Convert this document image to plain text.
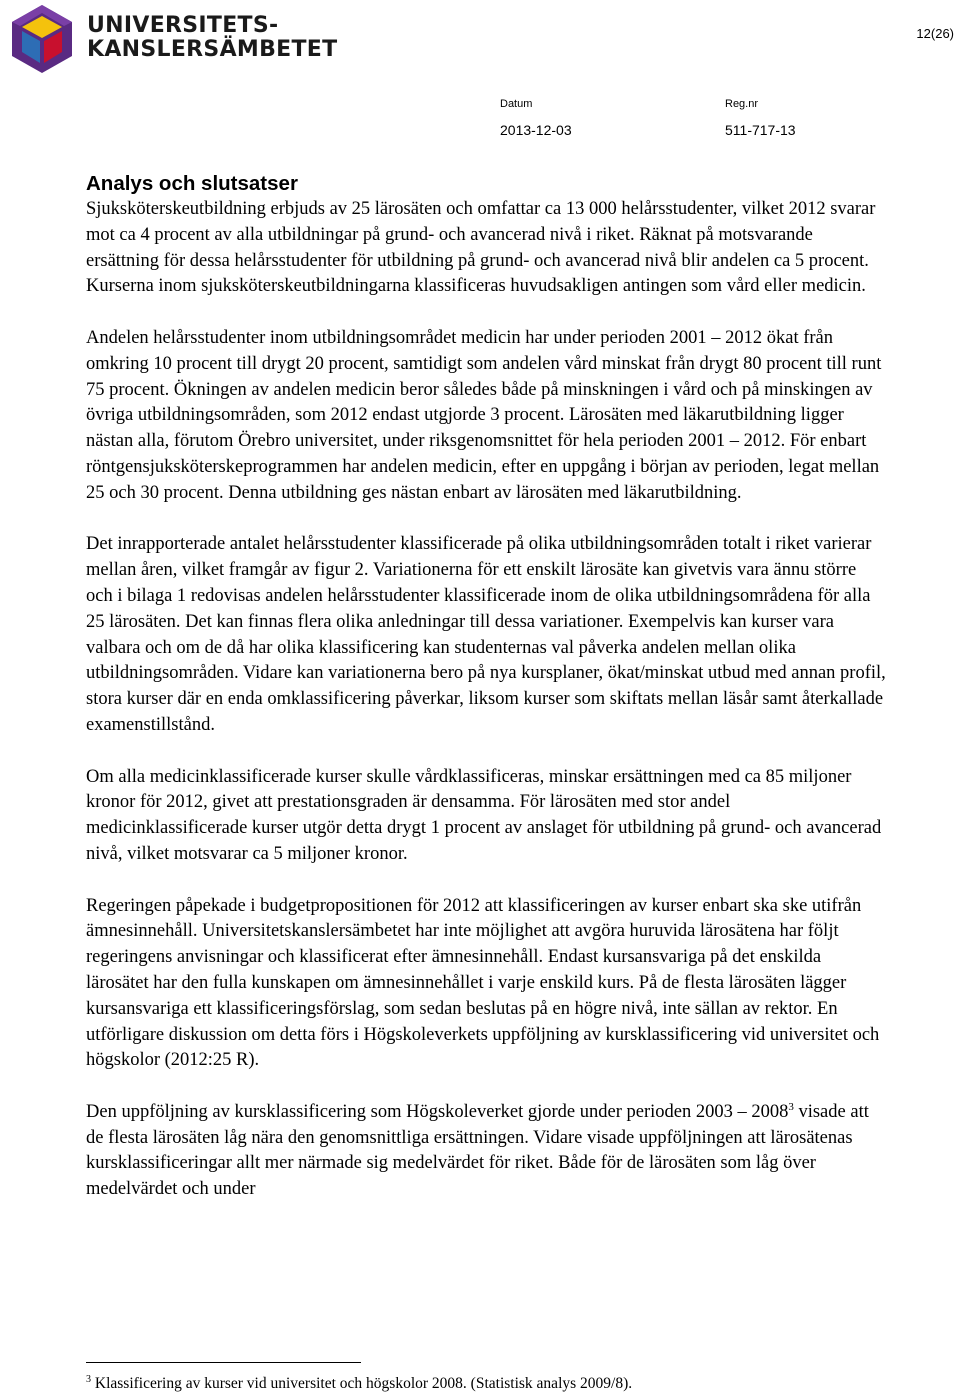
UNIVERSITETS-
KANSLERSÄMBETET
12(26)
Datum
2013-12-03
Reg.nr
511-717-13
Analys och slutsatser

Sjuksköterskeutbildning erbjuds av 25 lärosäten och omfattar ca 13 000 helårsstudenter, vilket 2012 svarar mot ca 4 procent av alla utbildningar på grund- och avancerad nivå i riket. Räknat på motsvarande ersättning för dessa helårsstudenter för utbildning på grund- och avancerad nivå blir andelen ca 5 procent. Kurserna inom sjuksköterskeutbildningarna klassificeras huvudsakligen antingen som vård eller medicin.

Andelen helårsstudenter inom utbildningsområdet medicin har under perioden 2001 – 2012 ökat från omkring 10 procent till drygt 20 procent, samtidigt som andelen vård minskat från drygt 80 procent till runt 75 procent. Ökningen av andelen medicin beror således både på minskningen i vård och på minskingen av övriga utbildningsområden, som 2012 endast utgjorde 3 procent. Lärosäten med läkarutbildning ligger nästan alla, förutom Örebro universitet, under riksgenomsnittet för hela perioden 2001 – 2012. För enbart röntgensjuksköterskeprogrammen har andelen medicin, efter en uppgång i början av perioden, legat mellan 25 och 30 procent. Denna utbildning ges nästan enbart av lärosäten med läkarutbildning.

Det inrapporterade antalet helårsstudenter klassificerade på olika utbildningsområden totalt i riket varierar mellan åren, vilket framgår av figur 2. Variationerna för ett enskilt lärosäte kan givetvis vara ännu större och i bilaga 1 redovisas andelen helårsstudenter klassificerade inom de olika utbildningsområdena för alla 25 lärosäten. Det kan finnas flera olika anledningar till dessa variationer. Exempelvis kan kurser vara valbara och om de då har olika klassificering kan studenternas val påverka andelen mellan olika utbildningsområden. Vidare kan variationerna bero på nya kursplaner, ökat/minskat utbud med annan profil, stora kurser där en enda omklassificering påverkar, liksom kurser som skiftats mellan läsår samt återkallade examenstillstånd.

Om alla medicinklassificerade kurser skulle vårdklassificeras, minskar ersättningen med ca 85 miljoner kronor för 2012, givet att prestationsgraden är densamma. För lärosäten med stor andel medicinklassificerade kurser utgör detta drygt 1 procent av anslaget för utbildning på grund- och avancerad nivå, vilket motsvarar ca 5 miljoner kronor.

Regeringen påpekade i budgetpropositionen för 2012 att klassificeringen av kurser enbart ska ske utifrån ämnesinnehåll. Universitetskanslersämbetet har inte möjlighet att avgöra huruvida lärosätena har följt regeringens anvisningar och klassificerat efter ämnesinnehåll. Endast kursansvariga på det enskilda lärosätet har den fulla kunskapen om ämnesinnehållet i varje enskild kurs. På de flesta lärosäten lägger kursansvariga ett klassificeringsförslag, som sedan beslutas på en högre nivå, inte sällan av rektor. En utförligare diskussion om detta förs i Högskoleverkets uppföljning av kursklassificering vid universitet och högskolor (2012:25 R).

Den uppföljning av kursklassificering som Högskoleverket gjorde under perioden 2003 – 2008$^3$ visade att de flesta lärosäten låg nära den genomsnittliga ersättningen. Vidare visade uppföljningen att lärosätenas kursklassificeringar allt mer närmade sig medelvärdet för riket. Både för de lärosäten som låg över medelvärdet och under

$^3$ Klassificering av kurser vid universitet och högskolor 2008. (Statistisk analys 2009/8).
